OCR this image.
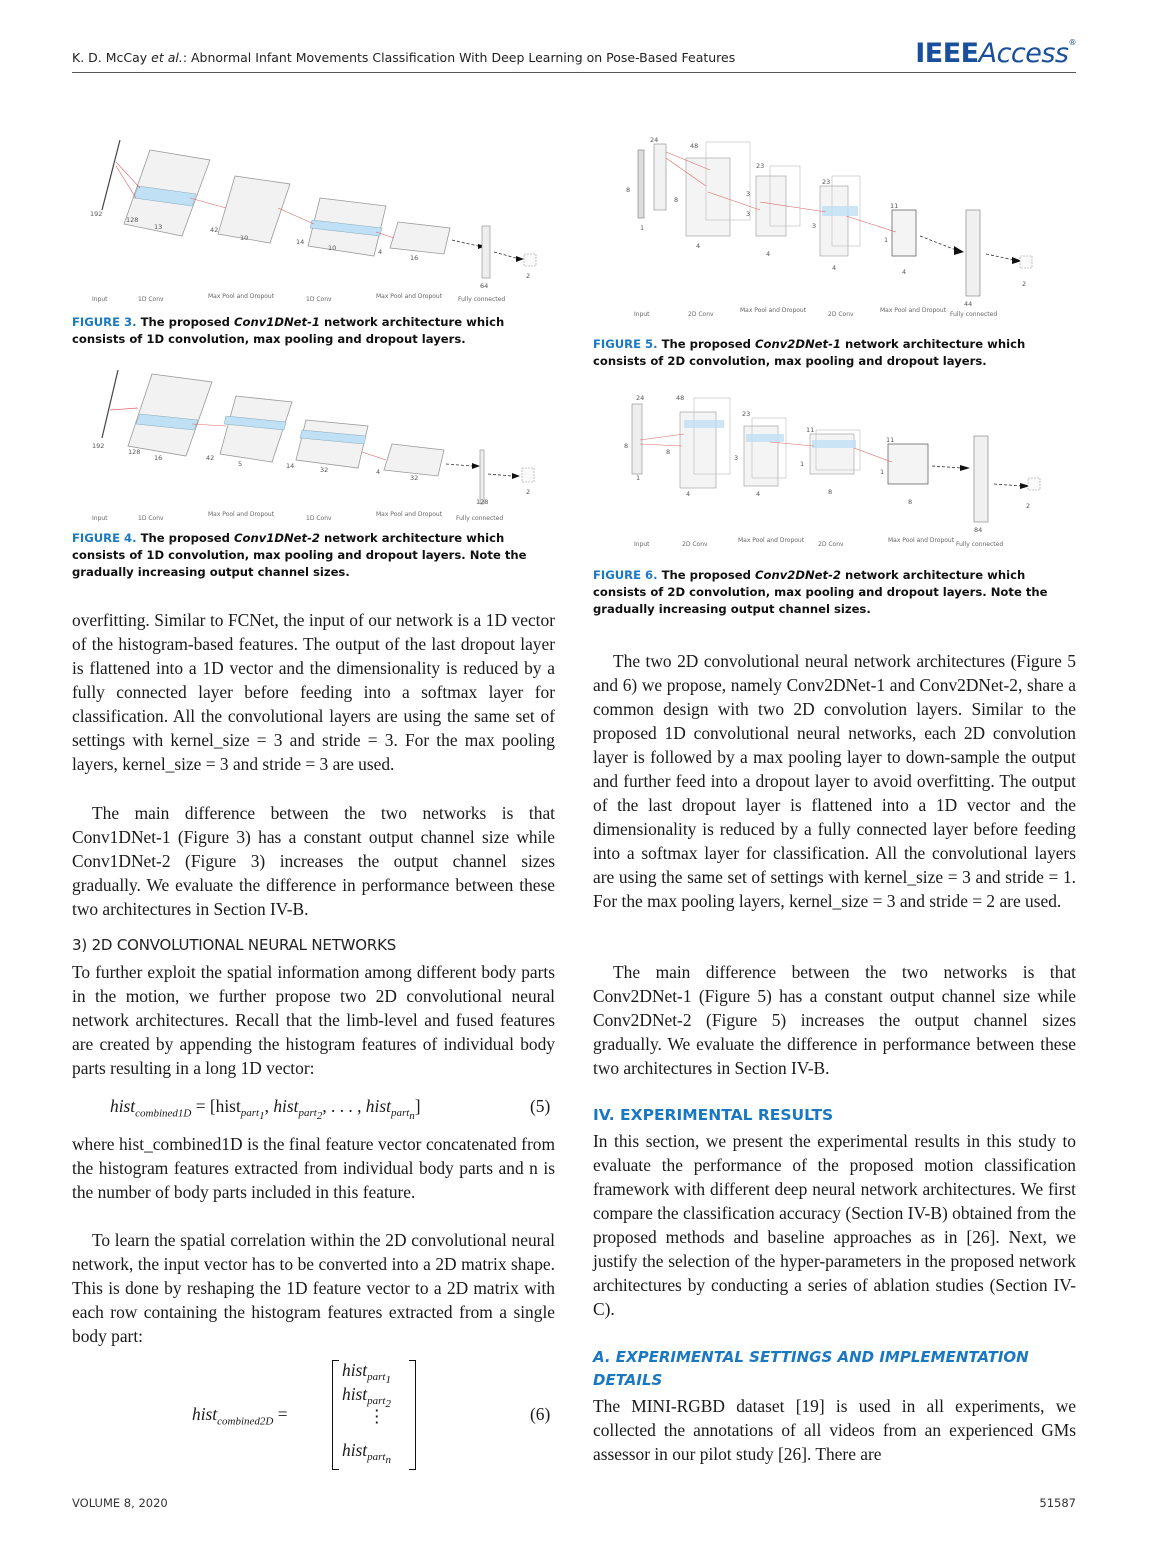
K. D. McCay et al.: Abnormal Infant Movements Classification With Deep Learning on Pose-Based Features	IEEEAccess®
192
128
13	42
10	14
10	4
16
64
2
Input	1D Conv	Max Pool and Dropout	1D Conv	Max Pool and Dropout	Fully connected
FIGURE 3. The proposed Conv1DNet-1 network architecture which consists of 1D convolution, max pooling and dropout layers.
192
128
16	42
5	14	32	4
32
128
2
Input	1D Conv
Max Pool and Dropout
1D Conv
Max Pool and Dropout
Fully connected
FIGURE 4. The proposed Conv1DNet-2 network architecture which consists of 1D convolution, max pooling and dropout layers. Note the gradually increasing output channel sizes.
24
48
8
8
4
23
3
4
23
4
11
1
4
44
2
1
3
3
Input	2D Conv
Max Pool and Dropout
2D Conv
Max Pool and Dropout
Fully connected
FIGURE 5. The proposed Conv2DNet-1 network architecture which consists of 2D convolution, max pooling and dropout layers.
24	48
8
8
4
23
3
4
11
1
8
11
1
8
84
2
1
Input	2D Conv
Max Pool and Dropout
2D Conv
Max Pool and Dropout
Fully connected
FIGURE 6. The proposed Conv2DNet-2 network architecture which consists of 2D convolution, max pooling and dropout layers. Note the gradually increasing output channel sizes.
overfitting. Similar to FCNet, the input of our network is a 1D vector of the histogram-based features. The output of the last dropout layer is flattened into a 1D vector and the dimensionality is reduced by a fully connected layer before feeding into a softmax layer for classification. All the convolutional layers are using the same set of settings with kernel_size = 3 and stride = 3. For the max pooling layers, kernel_size = 3 and stride = 3 are used.
The main difference between the two networks is that Conv1DNet-1 (Figure 3) has a constant output channel size while Conv1DNet-2 (Figure 3) increases the output channel sizes gradually. We evaluate the difference in performance between these two architectures in Section IV-B.
3) 2D CONVOLUTIONAL NEURAL NETWORKS
To further exploit the spatial information among different body parts in the motion, we further propose two 2D convolutional neural network architectures. Recall that the limb-level and fused features are created by appending the histogram features of individual body parts resulting in a long 1D vector:
hist$_{combined1D}$ = [hist$_{part_1}$, hist$_{part_2}$, . . . , hist$_{part_n}$]	(5)
where hist_combined1D is the final feature vector concatenated from the histogram features extracted from individual body parts and n is the number of body parts included in this feature.
To learn the spatial correlation within the 2D convolutional neural network, the input vector has to be converted into a 2D matrix shape. This is done by reshaping the 1D feature vector to a 2D matrix with each row containing the histogram features extracted from a single body part:
hist$_{combined2D}$ =
hist$_{part_1}$
hist$_{part_2}$
⋮
hist$_{part_n}$
(6)
The two 2D convolutional neural network architectures (Figure 5 and 6) we propose, namely Conv2DNet-1 and Conv2DNet-2, share a common design with two 2D convolution layers. Similar to the proposed 1D convolutional neural networks, each 2D convolution layer is followed by a max pooling layer to down-sample the output and further feed into a dropout layer to avoid overfitting. The output of the last dropout layer is flattened into a 1D vector and the dimensionality is reduced by a fully connected layer before feeding into a softmax layer for classification. All the convolutional layers are using the same set of settings with kernel_size = 3 and stride = 1. For the max pooling layers, kernel_size = 3 and stride = 2 are used.
The main difference between the two networks is that Conv2DNet-1 (Figure 5) has a constant output channel size while Conv2DNet-2 (Figure 5) increases the output channel sizes gradually. We evaluate the difference in performance between these two architectures in Section IV-B.
IV. EXPERIMENTAL RESULTS
In this section, we present the experimental results in this study to evaluate the performance of the proposed motion classification framework with different deep neural network architectures. We first compare the classification accuracy (Section IV-B) obtained from the proposed methods and baseline approaches as in [26]. Next, we justify the selection of the hyper-parameters in the proposed network architectures by conducting a series of ablation studies (Section IV-C).
A. EXPERIMENTAL SETTINGS AND IMPLEMENTATION DETAILS
The MINI-RGBD dataset [19] is used in all experiments, we collected the annotations of all videos from an experienced GMs assessor in our pilot study [26]. There are
VOLUME 8, 2020	51587
